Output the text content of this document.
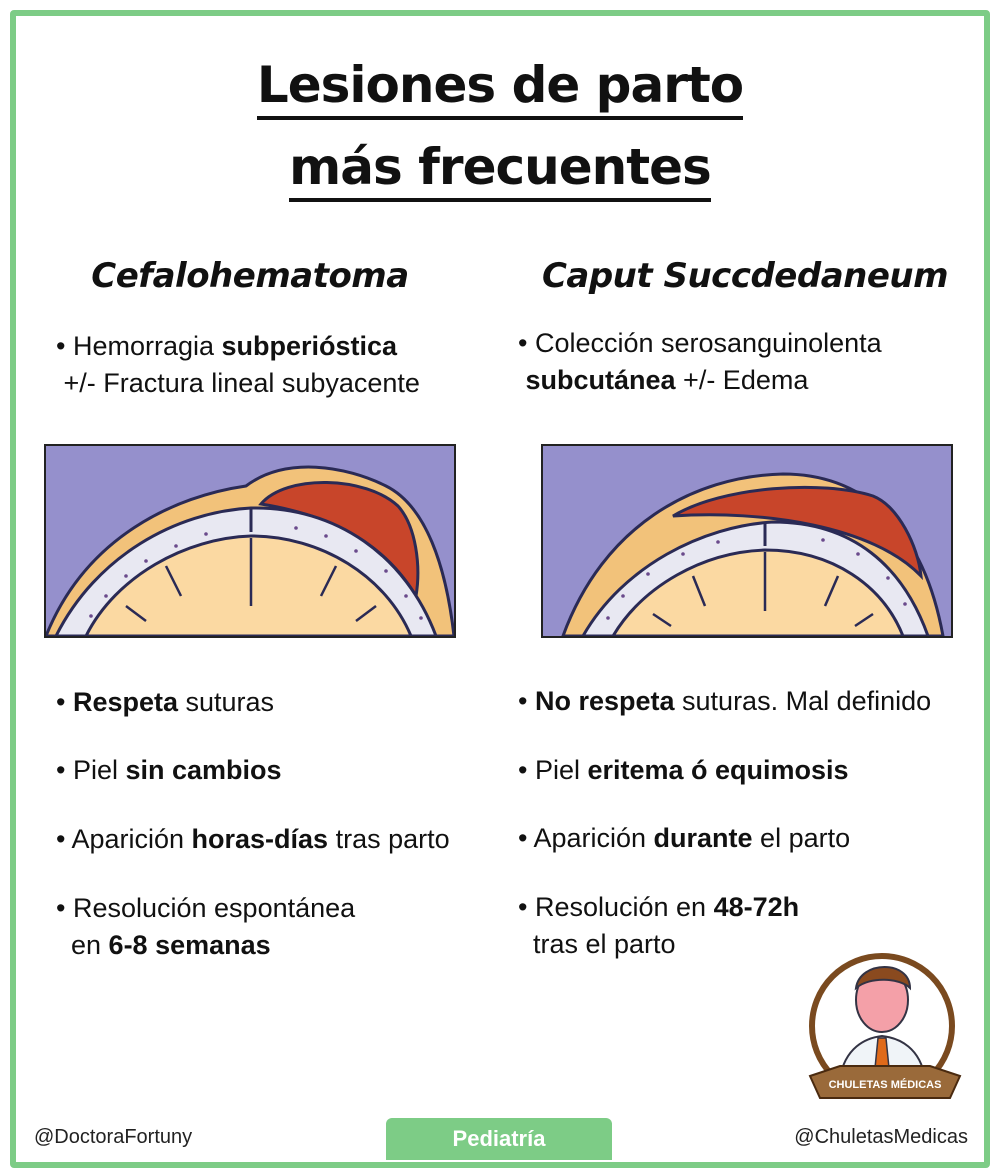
Lesiones de parto
más frecuentes
Cefalohematoma	Caput Succdedaneum
• Hemorragia subperióstica
+/- Fractura lineal subyacente
• Colección serosanguinolenta
subcutánea +/- Edema
• Respeta suturas
• Piel sin cambios
• Aparición horas-días tras parto
• Resolución espontánea
en 6-8 semanas
• No respeta suturas. Mal definido
• Piel eritema ó equimosis
• Aparición durante el parto
• Resolución en 48-72h
tras el parto
CHULETAS MÉDICAS
@DoctoraFortuny	Pediatría	@ChuletasMedicas
